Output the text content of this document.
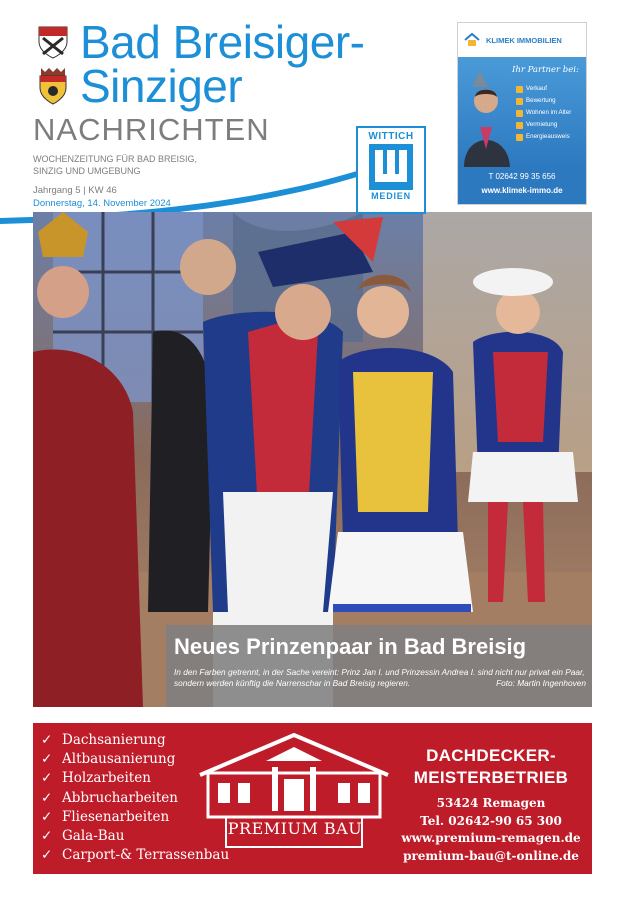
Bad Breisiger-
Sinziger
NACHRICHTEN
WOCHENZEITUNG FÜR BAD BREISIG,
SINZIG UND UMGEBUNG
Jahrgang 5 | KW 46
Donnerstag, 14. November 2024
KLIMEK IMMOBILIEN
Ihr Partner bei:
Verkauf
Bewertung
Wohnen im Alter
Vermietung
Energieausweis
T 02642 99 35 656
www.klimek-immo.de
Neues Prinzenpaar in Bad Breisig
In den Farben getrennt, in der Sache vereint: Prinz Jan I. und Prinzessin Andrea I. sind nicht nur privat ein Paar, sondern werden künftig die Narrenschar in Bad Breisig regieren.	Foto: Martin Ingenhoven
WITTICH
MEDIEN
✓ Dachsanierung
✓ Altbausanierung
✓ Holzarbeiten
✓ Abbrucharbeiten
✓ Fliesenarbeiten
✓ Gala-Bau
✓ Carport-& Terrassenbau
PREMIUM BAU
DACHDECKER-
MEISTERBETRIEB
53424 Remagen
Tel. 02642-90 65 300
www.premium-remagen.de
premium-bau@t-online.de
